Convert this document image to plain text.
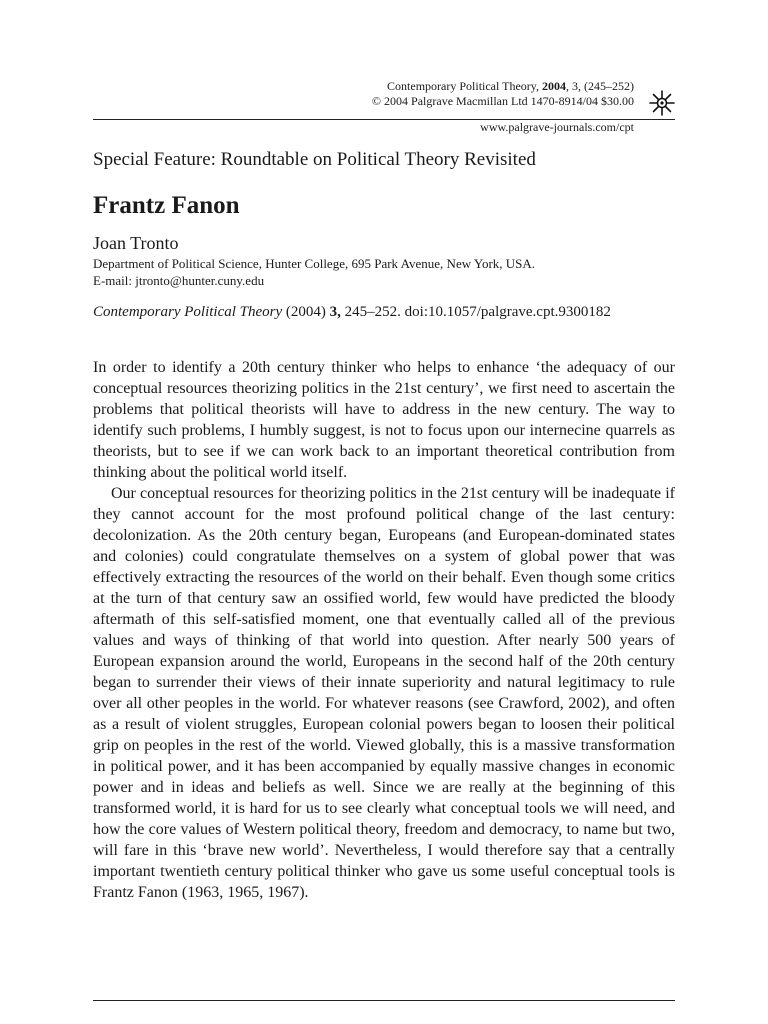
Contemporary Political Theory, 2004, 3, (245–252)
© 2004 Palgrave Macmillan Ltd 1470-8914/04 $30.00
www.palgrave-journals.com/cpt
Special Feature: Roundtable on Political Theory Revisited
Frantz Fanon
Joan Tronto
Department of Political Science, Hunter College, 695 Park Avenue, New York, USA.
E-mail: jtronto@hunter.cuny.edu
Contemporary Political Theory (2004) 3, 245–252. doi:10.1057/palgrave.cpt.9300182

In order to identify a 20th century thinker who helps to enhance ‘the adequacy of our conceptual resources theorizing politics in the 21st century’, we first need to ascertain the problems that political theorists will have to address in the new century. The way to identify such problems, I humbly suggest, is not to focus upon our internecine quarrels as theorists, but to see if we can work back to an important theoretical contribution from thinking about the political world itself.

Our conceptual resources for theorizing politics in the 21st century will be inadequate if they cannot account for the most profound political change of the last century: decolonization. As the 20th century began, Europeans (and European-dominated states and colonies) could congratulate themselves on a system of global power that was effectively extracting the resources of the world on their behalf. Even though some critics at the turn of that century saw an ossified world, few would have predicted the bloody aftermath of this self-satisfied moment, one that eventually called all of the previous values and ways of thinking of that world into question. After nearly 500 years of European expansion around the world, Europeans in the second half of the 20th century began to surrender their views of their innate superiority and natural legitimacy to rule over all other peoples in the world. For whatever reasons (see Crawford, 2002), and often as a result of violent struggles, European colonial powers began to loosen their political grip on peoples in the rest of the world. Viewed globally, this is a massive transformation in political power, and it has been accompanied by equally massive changes in economic power and in ideas and beliefs as well. Since we are really at the beginning of this transformed world, it is hard for us to see clearly what conceptual tools we will need, and how the core values of Western political theory, freedom and democracy, to name but two, will fare in this ‘brave new world’. Nevertheless, I would therefore say that a centrally important twentieth century political thinker who gave us some useful conceptual tools is Frantz Fanon (1963, 1965, 1967).
